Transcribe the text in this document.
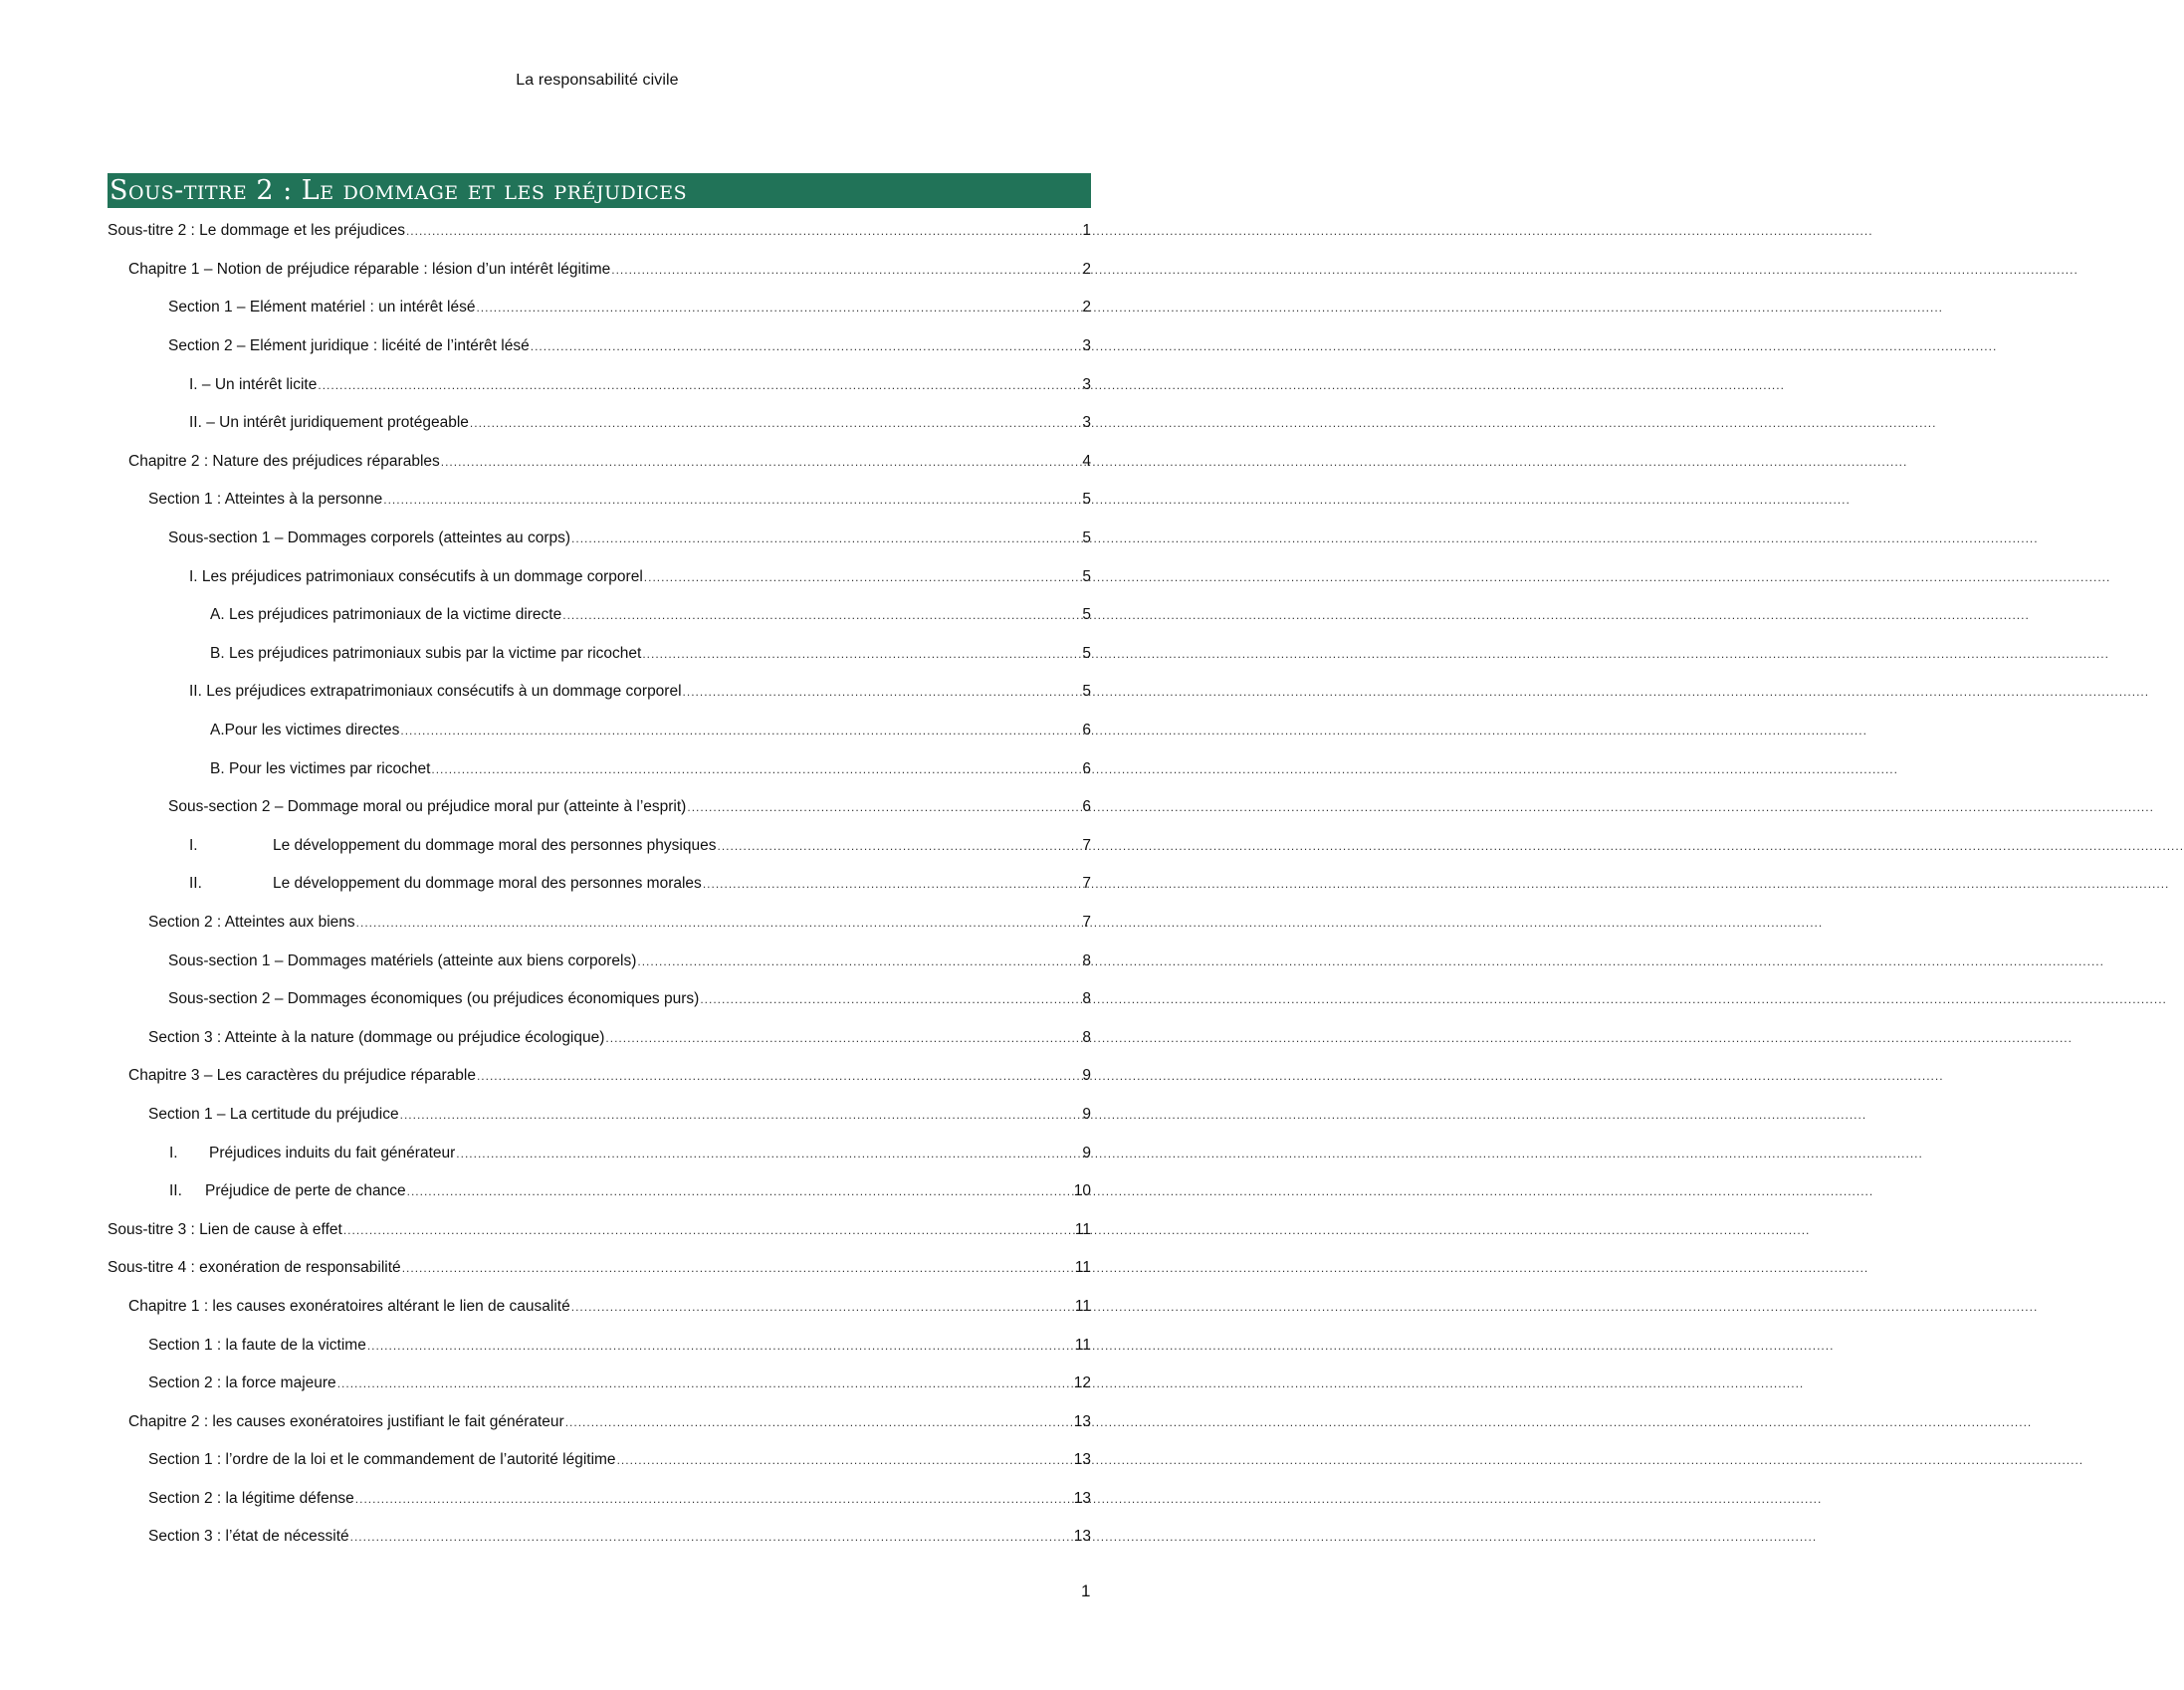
La responsabilité civile
Sous-titre 2 : Le dommage et les préjudices
Sous-titre 2 : Le dommage et les préjudices .....	1
Chapitre 1 – Notion de préjudice réparable : lésion d’un intérêt légitime .....	2
Section 1 – Elément matériel : un intérêt lésé .....	2
Section 2 – Elément juridique : licéité de l’intérêt lésé .....	3
I. – Un intérêt licite .....	3
II. – Un intérêt juridiquement protégeable .....	3
Chapitre 2 : Nature des préjudices réparables .....	4
Section 1 : Atteintes à la personne .....	5
Sous-section 1 – Dommages corporels (atteintes au corps) .....	5
I. Les préjudices patrimoniaux consécutifs à un dommage corporel .....	5
A. Les préjudices patrimoniaux de la victime directe .....	5
B. Les préjudices patrimoniaux subis par la victime par ricochet .....	5
II. Les préjudices extrapatrimoniaux consécutifs à un dommage corporel .....	5
A.Pour les victimes directes .....	6
B. Pour les victimes par ricochet .....	6
Sous-section 2 – Dommage moral ou préjudice moral pur (atteinte à l’esprit) .....	6
I.	Le développement du dommage moral des personnes physiques .....	7
II.	Le développement du dommage moral des personnes morales .....	7
Section 2 : Atteintes aux biens .....	7
Sous-section 1 – Dommages matériels (atteinte aux biens corporels) .....	8
Sous-section 2 – Dommages économiques (ou préjudices économiques purs) .....	8
Section 3 : Atteinte à la nature (dommage ou préjudice écologique) .....	8
Chapitre 3 – Les caractères du préjudice réparable .....	9
Section 1 – La certitude du préjudice .....	9
I. Préjudices induits du fait générateur .....	9
II. Préjudice de perte de chance .....	10
Sous-titre 3 : Lien de cause à effet .....	11
Sous-titre 4 : exonération de responsabilité .....	11
Chapitre 1 : les causes exonératoires altérant le lien de causalité .....	11
Section 1 : la faute de la victime .....	11
Section 2 : la force majeure .....	12
Chapitre 2 : les causes exonératoires justifiant le fait générateur .....	13
Section 1 : l’ordre de la loi et le commandement de l’autorité légitime .....	13
Section 2 : la légitime défense .....	13
Section 3 : l’état de nécessité .....	13
1
